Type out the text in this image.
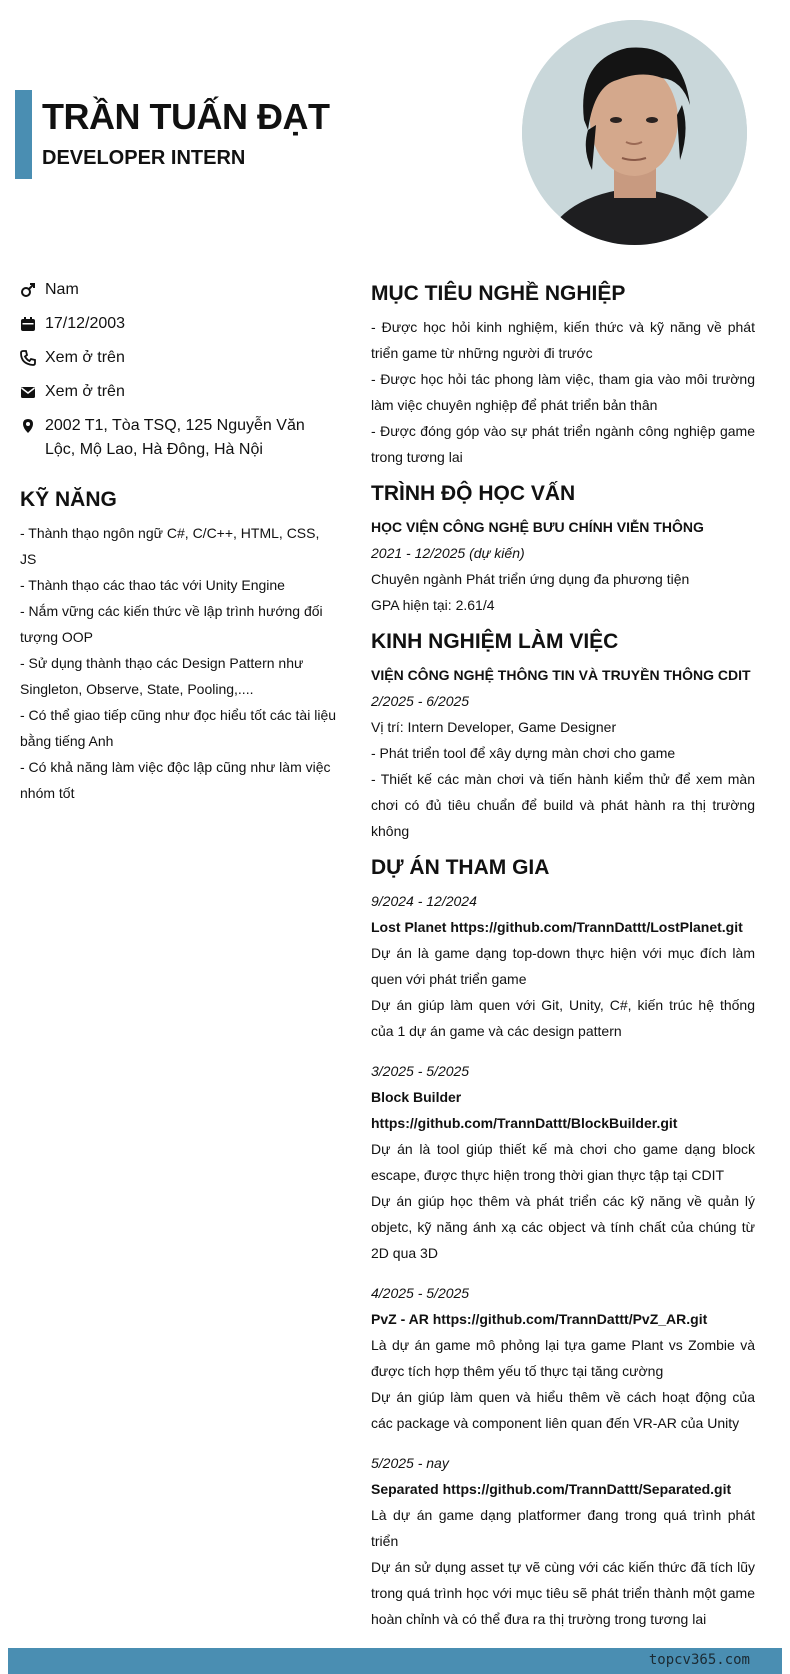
TRẦN TUẤN ĐẠT
DEVELOPER INTERN
Nam
17/12/2003
Xem ở trên
Xem ở trên
2002 T1, Tòa TSQ, 125 Nguyễn Văn Lộc, Mộ Lao, Hà Đông, Hà Nội
KỸ NĂNG

- Thành thạo ngôn ngữ C#, C/C++, HTML, CSS, JS

- Thành thạo các thao tác với Unity Engine

- Nắm vững các kiến thức về lập trình hướng đối tượng OOP

- Sử dụng thành thạo các Design Pattern như Singleton, Observe, State, Pooling,....

- Có thể giao tiếp cũng như đọc hiểu tốt các tài liệu bằng tiếng Anh

- Có khả năng làm việc độc lập cũng như làm việc nhóm tốt

MỤC TIÊU NGHỀ NGHIỆP

- Được học hỏi kinh nghiệm, kiến thức và kỹ năng về phát triển game từ những người đi trước

- Được học hỏi tác phong làm việc, tham gia vào môi trường làm việc chuyên nghiệp để phát triển bản thân

- Được đóng góp vào sự phát triển ngành công nghiệp game trong tương lai

TRÌNH ĐỘ HỌC VẤN

HỌC VIỆN CÔNG NGHỆ BƯU CHÍNH VIỄN THÔNG

2021 - 12/2025 (dự kiến)

Chuyên ngành Phát triển ứng dụng đa phương tiện

GPA hiện tại: 2.61/4

KINH NGHIỆM LÀM VIỆC

VIỆN CÔNG NGHỆ THÔNG TIN VÀ TRUYỀN THÔNG CDIT

2/2025 - 6/2025

Vị trí: Intern Developer, Game Designer

- Phát triển tool để xây dựng màn chơi cho game

- Thiết kế các màn chơi và tiến hành kiểm thử để xem màn chơi có đủ tiêu chuẩn để build và phát hành ra thị trường không

DỰ ÁN THAM GIA

9/2024 - 12/2024

Lost Planet https://github.com/TrannDattt/LostPlanet.git

Dự án là game dạng top-down thực hiện với mục đích làm quen với phát triển game

Dự án giúp làm quen với Git, Unity, C#, kiến trúc hệ thống của 1 dự án game và các design pattern

3/2025 - 5/2025

Block Builder https://github.com/TrannDattt/BlockBuilder.git

Dự án là tool giúp thiết kế mà chơi cho game dạng block escape, được thực hiện trong thời gian thực tập tại CDIT

Dự án giúp học thêm và phát triển các kỹ năng về quản lý objetc, kỹ năng ánh xạ các object và tính chất của chúng từ 2D qua 3D

4/2025 - 5/2025

PvZ - AR https://github.com/TrannDattt/PvZ_AR.git

Là dự án game mô phỏng lại tựa game Plant vs Zombie và được tích hợp thêm yếu tố thực tại tăng cường

Dự án giúp làm quen và hiểu thêm về cách hoạt động của các package và component liên quan đến VR-AR của Unity

5/2025 - nay

Separated https://github.com/TrannDattt/Separated.git

Là dự án game dạng platformer đang trong quá trình phát triển

Dự án sử dụng asset tự vẽ cùng với các kiến thức đã tích lũy trong quá trình học với mục tiêu sẽ phát triển thành một game hoàn chỉnh và có thể đưa ra thị trường trong tương lai

topcv365.com
